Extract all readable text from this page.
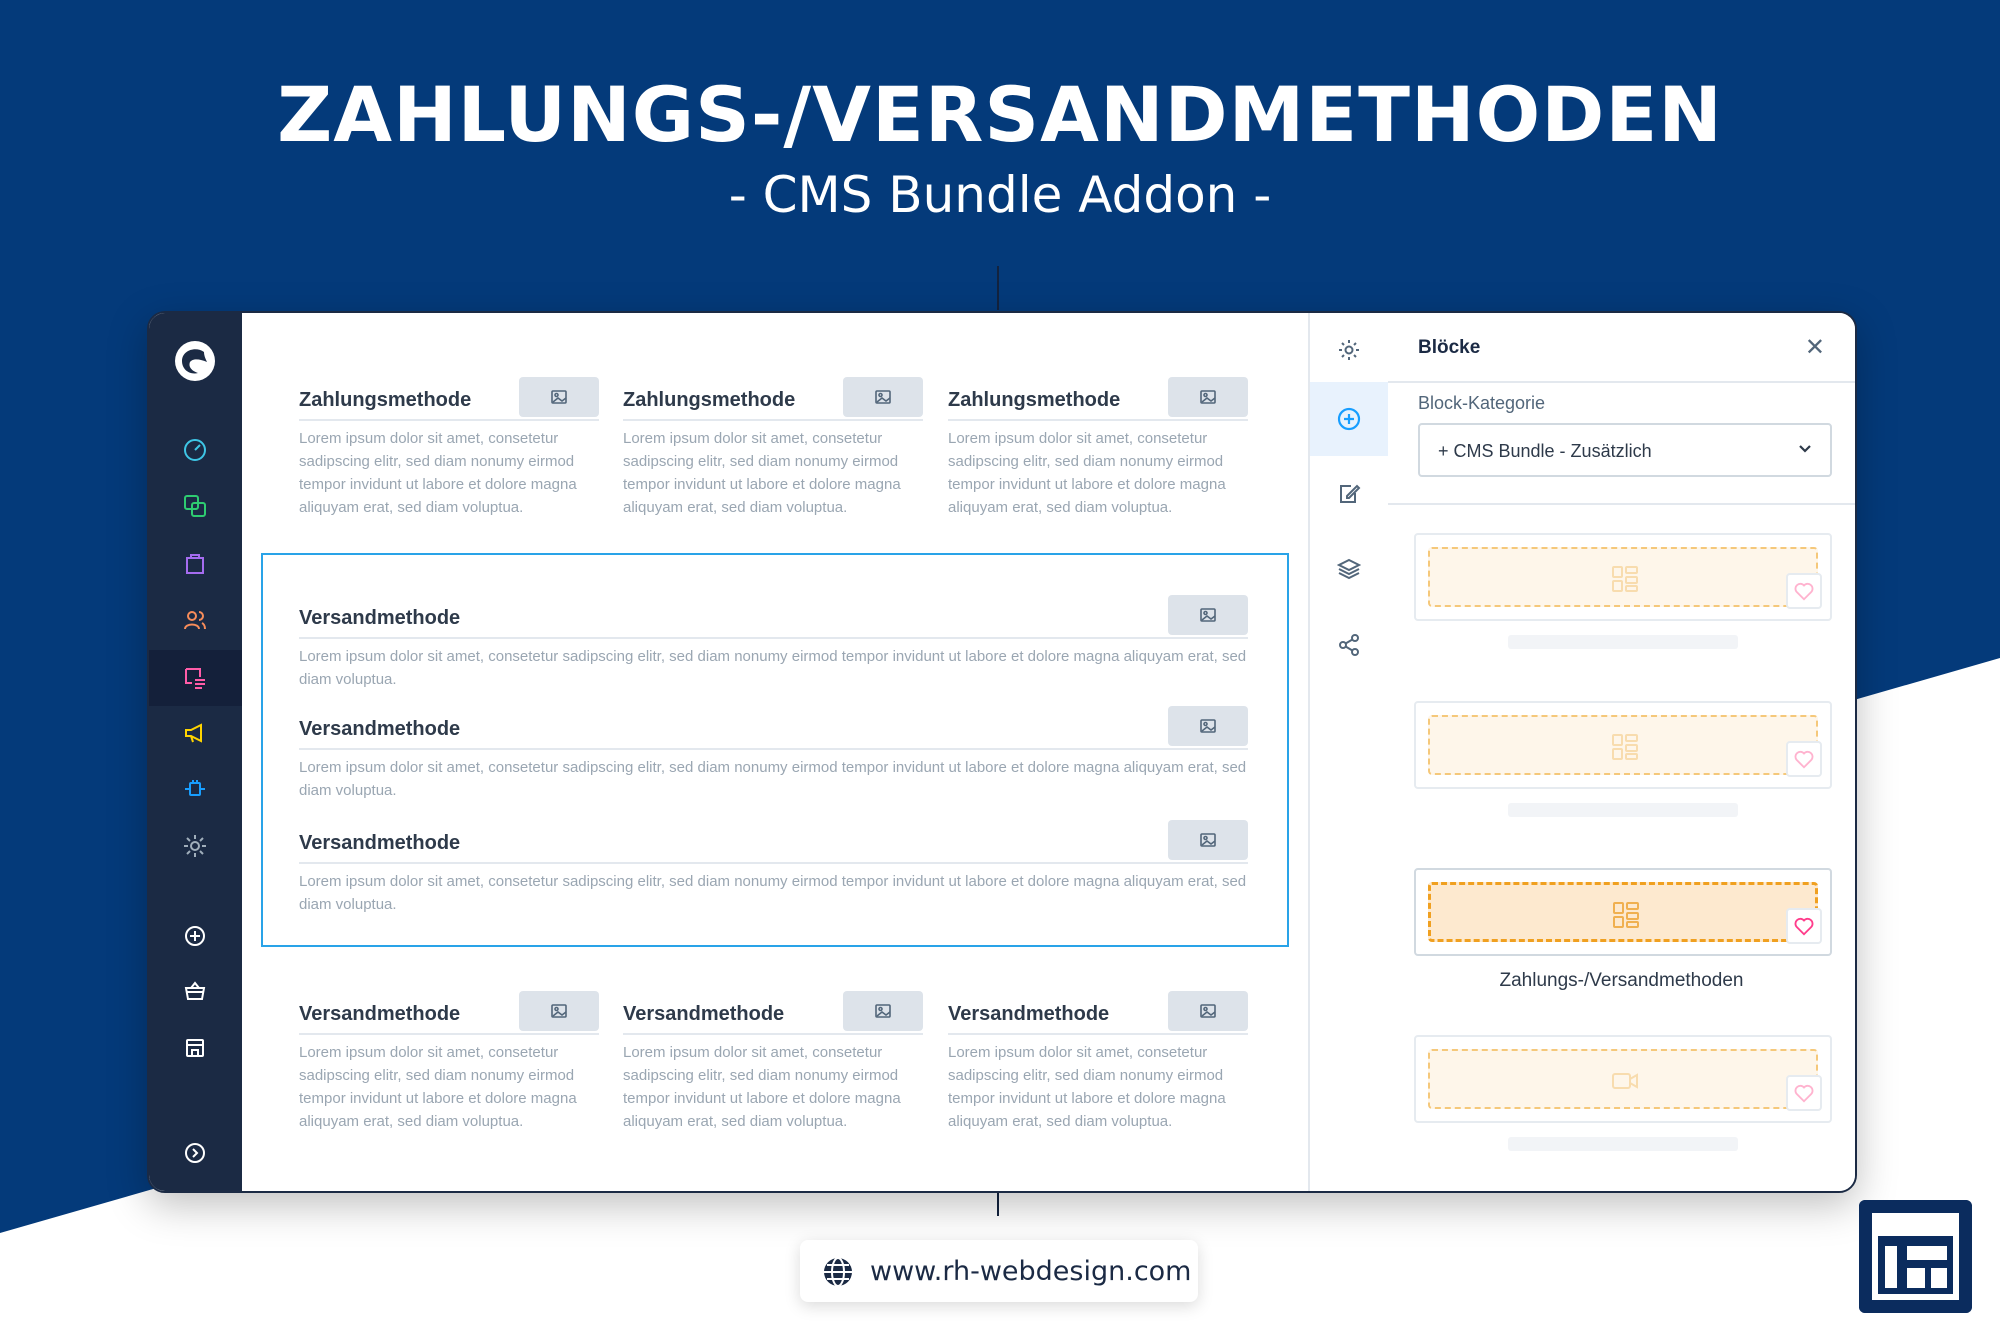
ZAHLUNGS-/VERSANDMETHODEN
- CMS Bundle Addon -
Zahlungsmethode
Lorem ipsum dolor sit amet, consetetur
sadipscing elitr, sed diam nonumy eirmod
tempor invidunt ut labore et dolore magna
aliquyam erat, sed diam voluptua.
Zahlungsmethode
Lorem ipsum dolor sit amet, consetetur
sadipscing elitr, sed diam nonumy eirmod
tempor invidunt ut labore et dolore magna
aliquyam erat, sed diam voluptua.
Zahlungsmethode
Lorem ipsum dolor sit amet, consetetur
sadipscing elitr, sed diam nonumy eirmod
tempor invidunt ut labore et dolore magna
aliquyam erat, sed diam voluptua.
Versandmethode
Lorem ipsum dolor sit amet, consetetur sadipscing elitr, sed diam nonumy eirmod tempor invidunt ut labore et dolore magna aliquyam erat, sed
diam voluptua.
Versandmethode
Lorem ipsum dolor sit amet, consetetur sadipscing elitr, sed diam nonumy eirmod tempor invidunt ut labore et dolore magna aliquyam erat, sed
diam voluptua.
Versandmethode
Lorem ipsum dolor sit amet, consetetur sadipscing elitr, sed diam nonumy eirmod tempor invidunt ut labore et dolore magna aliquyam erat, sed
diam voluptua.
Versandmethode
Lorem ipsum dolor sit amet, consetetur
sadipscing elitr, sed diam nonumy eirmod
tempor invidunt ut labore et dolore magna
aliquyam erat, sed diam voluptua.
Versandmethode
Lorem ipsum dolor sit amet, consetetur
sadipscing elitr, sed diam nonumy eirmod
tempor invidunt ut labore et dolore magna
aliquyam erat, sed diam voluptua.
Versandmethode
Lorem ipsum dolor sit amet, consetetur
sadipscing elitr, sed diam nonumy eirmod
tempor invidunt ut labore et dolore magna
aliquyam erat, sed diam voluptua.
Blöcke	✕
Block-Kategorie
+ CMS Bundle - Zusätzlich
Zahlungs-/Versandmethoden
www.rh-webdesign.com
